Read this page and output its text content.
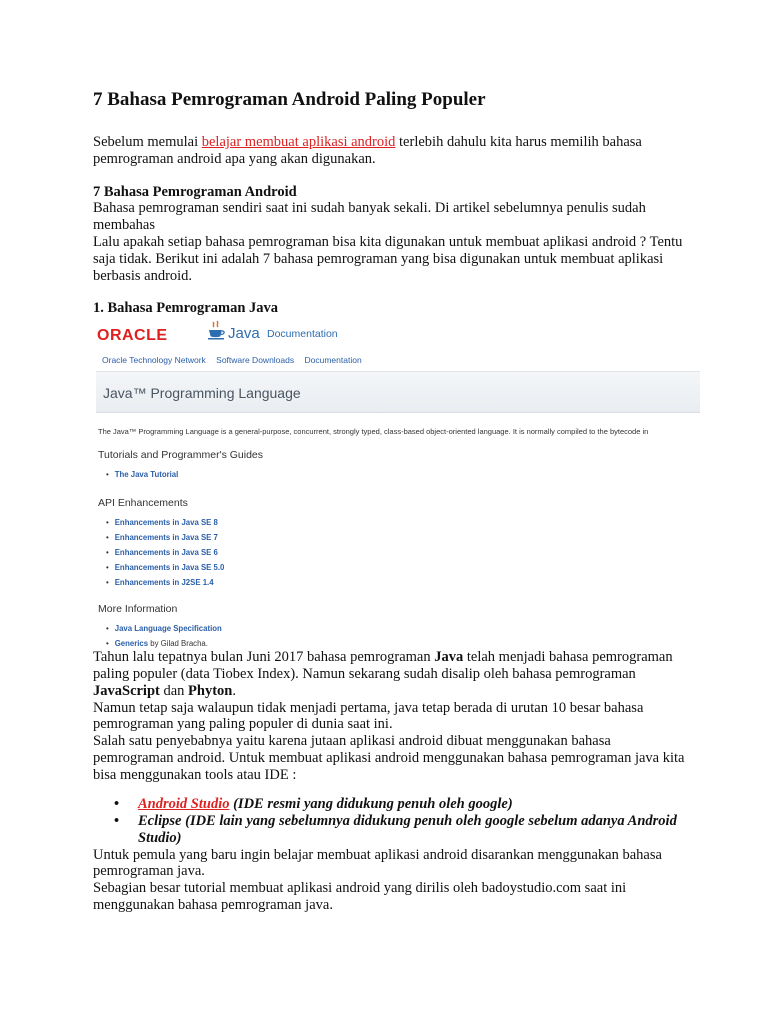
7 Bahasa Pemrograman Android Paling Populer

Sebelum memulai belajar membuat aplikasi android terlebih dahulu kita harus memilih bahasa pemrograman android apa yang akan digunakan.

7 Bahasa Pemrograman Android

Bahasa pemrograman sendiri saat ini sudah banyak sekali. Di artikel sebelumnya penulis sudah membahas

Lalu apakah setiap bahasa pemrograman bisa kita digunakan untuk membuat aplikasi android ? Tentu saja tidak. Berikut ini adalah 7 bahasa pemrograman yang bisa digunakan untuk membuat aplikasi berbasis android.

1. Bahasa Pemrograman Java

ORACLE	Java Documentation
Oracle Technology Network Software Downloads Documentation
Java™ Programming Language
The Java™ Programming Language is a general-purpose, concurrent, strongly typed, class-based object-oriented language. It is normally compiled to the bytecode in
Tutorials and Programmer's Guides
• The Java Tutorial
API Enhancements
• Enhancements in Java SE 8
• Enhancements in Java SE 7
• Enhancements in Java SE 6
• Enhancements in Java SE 5.0
• Enhancements in J2SE 1.4
More Information
• Java Language Specification
• Generics by Gilad Bracha.

Tahun lalu tepatnya bulan Juni 2017 bahasa pemrograman Java telah menjadi bahasa pemrograman paling populer (data Tiobex Index). Namun sekarang sudah disalip oleh bahasa pemrograman JavaScript dan Phyton.

Namun tetap saja walaupun tidak menjadi pertama, java tetap berada di urutan 10 besar bahasa pemrograman yang paling populer di dunia saat ini.

Salah satu penyebabnya yaitu karena jutaan aplikasi android dibuat menggunakan bahasa pemrograman android. Untuk membuat aplikasi android menggunakan bahasa pemrograman java kita bisa menggunakan tools atau IDE :

• Android Studio (IDE resmi yang didukung penuh oleh google)
• Eclipse (IDE lain yang sebelumnya didukung penuh oleh google sebelum adanya Android Studio)

Untuk pemula yang baru ingin belajar membuat aplikasi android disarankan menggunakan bahasa pemrograman java.

Sebagian besar tutorial membuat aplikasi android yang dirilis oleh badoystudio.com saat ini menggunakan bahasa pemrograman java.
